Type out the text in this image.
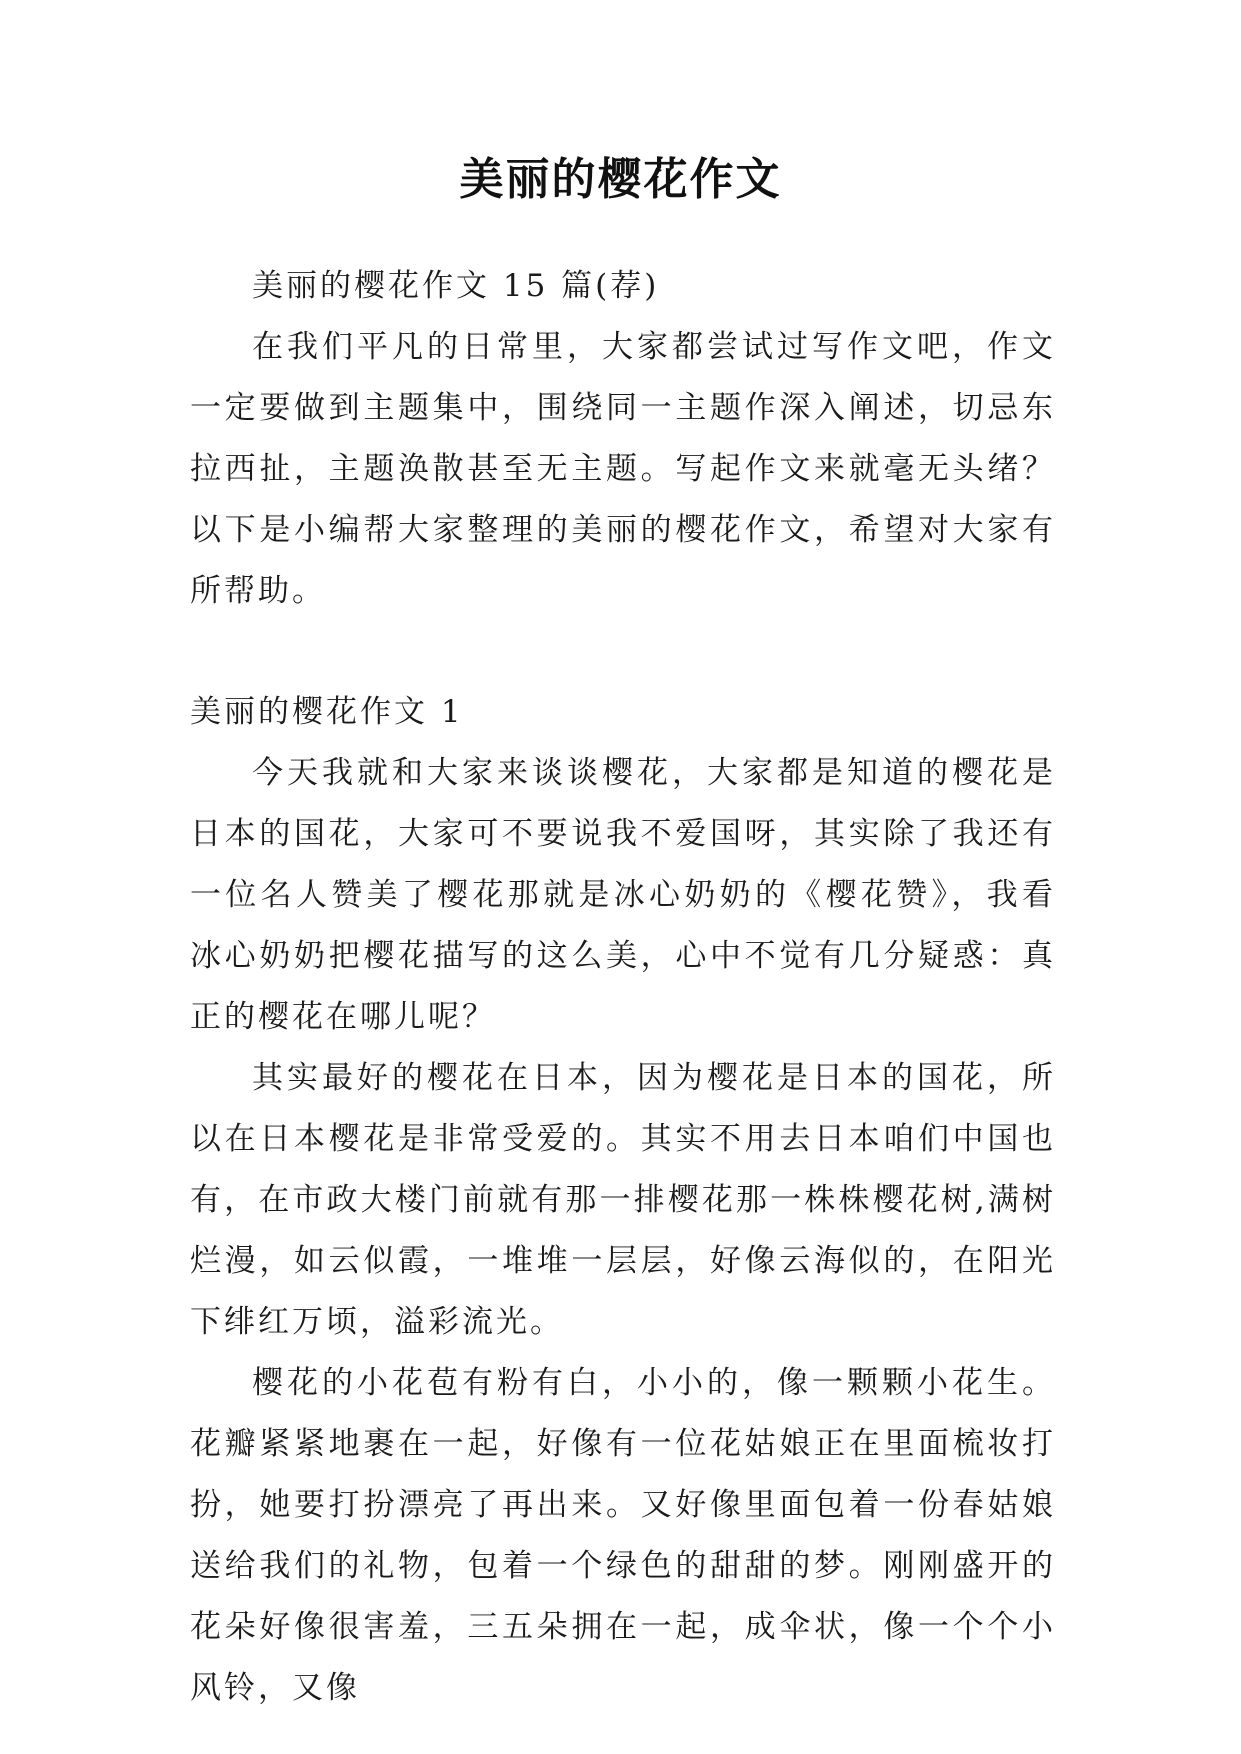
美丽的樱花作文

美丽的樱花作文 15 篇(荐)

在我们平凡的日常里，大家都尝试过写作文吧，作文一定要做到主题集中，围绕同一主题作深入阐述，切忌东拉西扯，主题涣散甚至无主题。写起作文来就毫无头绪？以下是小编帮大家整理的美丽的樱花作文，希望对大家有所帮助。

美丽的樱花作文 1

今天我就和大家来谈谈樱花，大家都是知道的樱花是日本的国花，大家可不要说我不爱国呀，其实除了我还有一位名人赞美了樱花那就是冰心奶奶的《樱花赞》，我看冰心奶奶把樱花描写的这么美，心中不觉有几分疑惑：真正的樱花在哪儿呢？

其实最好的樱花在日本，因为樱花是日本的国花，所以在日本樱花是非常受爱的。其实不用去日本咱们中国也有，在市政大楼门前就有那一排樱花那一株株樱花树,满树烂漫，如云似霞，一堆堆一层层，好像云海似的，在阳光下绯红万顷，溢彩流光。

樱花的小花苞有粉有白，小小的，像一颗颗小花生。花瓣紧紧地裹在一起，好像有一位花姑娘正在里面梳妆打扮，她要打扮漂亮了再出来。又好像里面包着一份春姑娘送给我们的礼物，包着一个绿色的甜甜的梦。刚刚盛开的花朵好像很害羞，三五朵拥在一起，成伞状，像一个个小风铃，又像
